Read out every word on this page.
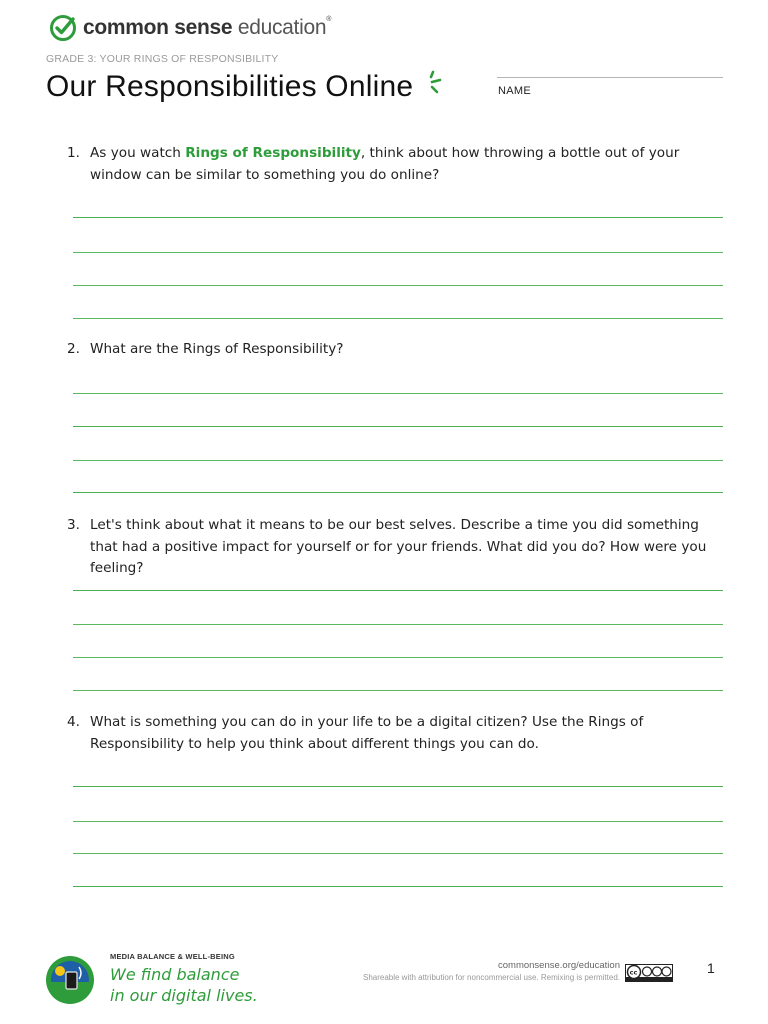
common sense education®
GRADE 3: YOUR RINGS OF RESPONSIBILITY
Our Responsibilities Online	NAME
1. As you watch Rings of Responsibility, think about how throwing a bottle out of your window can be similar to something you do online?
2. What are the Rings of Responsibility?
3. Let's think about what it means to be our best selves. Describe a time you did something that had a positive impact for yourself or for your friends. What did you do? How were you feeling?
4. What is something you can do in your life to be a digital citizen? Use the Rings of Responsibility to help you think about different things you can do.
MEDIA BALANCE & WELL-BEING
We find balance
in our digital lives.
commonsense.org/education
Shareable with attribution for noncommercial use. Remixing is permitted.
cc	1
